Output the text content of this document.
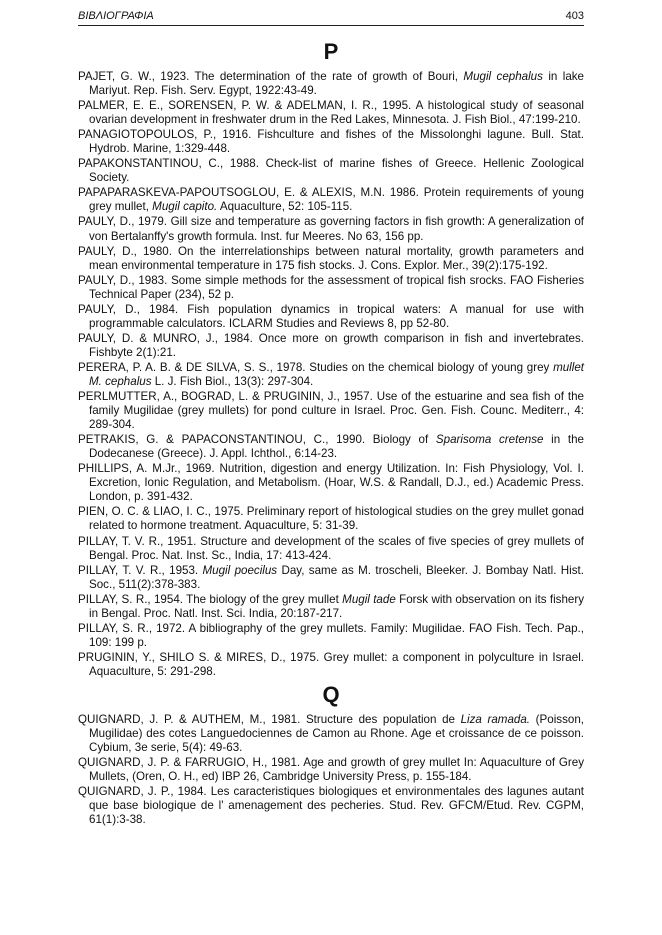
ΒΙΒΛΙΟΓΡΑΦΙΑ	403
P
PAJET, G. W., 1923. The determination of the rate of growth of Bouri, Mugil cephalus in lake Mariyut. Rep. Fish. Serv. Egypt, 1922:43-49.
PALMER, E. E., SORENSEN, P. W. & ADELMAN, I. R., 1995. A histological study of seasonal ovarian development in freshwater drum in the Red Lakes, Minnesota. J. Fish Biol., 47:199-210.
PANAGIOTOPOULOS, P., 1916. Fishculture and fishes of the Missolonghi lagune. Bull. Stat. Hydrob. Marine, 1:329-448.
PAPAKONSTANTINOU, C., 1988. Check-list of marine fishes of Greece. Hellenic Zoological Society.
PAPAPARASKEVA-PAPOUTSOGLOU, E. & ALEXIS, M.N. 1986. Protein requirements of young grey mullet, Mugil capito. Aquaculture, 52: 105-115.
PAULY, D., 1979. Gill size and temperature as governing factors in fish growth: A generalization of von Bertalanffy's growth formula. Inst. fur Meeres. No 63, 156 pp.
PAULY, D., 1980. On the interrelationships between natural mortality, growth parameters and mean environmental temperature in 175 fish stocks. J. Cons. Explor. Mer., 39(2):175-192.
PAULY, D., 1983. Some simple methods for the assessment of tropical fish srocks. FAO Fisheries Technical Paper (234), 52 p.
PAULY, D., 1984. Fish population dynamics in tropical waters: A manual for use with programmable calculators. ICLARM Studies and Reviews 8, pp 52-80.
PAULY, D. & MUNRO, J., 1984. Once more on growth comparison in fish and invertebrates. Fishbyte 2(1):21.
PERERA, P. A. B. & DE SILVA, S. S., 1978. Studies on the chemical biology of young grey mullet M. cephalus L. J. Fish Biol., 13(3): 297-304.
PERLMUTTER, A., BOGRAD, L. & PRUGININ, J., 1957. Use of the estuarine and sea fish of the family Mugilidae (grey mullets) for pond culture in Israel. Proc. Gen. Fish. Counc. Mediterr., 4: 289-304.
PETRAKIS, G. & PAPACONSTANTINOU, C., 1990. Biology of Sparisoma cretense in the Dodecanese (Greece). J. Appl. Ichthol., 6:14-23.
PHILLIPS, A. M.Jr., 1969. Nutrition, digestion and energy Utilization. In: Fish Physiology, Vol. I. Excretion, Ionic Regulation, and Metabolism. (Hoar, W.S. & Randall, D.J., ed.) Academic Press. London, p. 391-432.
PIEN, O. C. & LIAO, I. C., 1975. Preliminary report of histological studies on the grey mullet gonad related to hormone treatment. Aquaculture, 5: 31-39.
PILLAY, T. V. R., 1951. Structure and development of the scales of five species of grey mullets of Bengal. Proc. Nat. Inst. Sc., India, 17: 413-424.
PILLAY, T. V. R., 1953. Mugil poecilus Day, same as M. troscheli, Bleeker. J. Bombay Natl. Hist. Soc., 511(2):378-383.
PILLAY, S. R., 1954. The biology of the grey mullet Mugil tade Forsk with observation on its fishery in Bengal. Proc. Natl. Inst. Sci. India, 20:187-217.
PILLAY, S. R., 1972. A bibliography of the grey mullets. Family: Mugilidae. FAO Fish. Tech. Pap., 109: 199 p.
PRUGININ, Y., SHILO S. & MIRES, D., 1975. Grey mullet: a component in polyculture in Israel. Aquaculture, 5: 291-298.
Q
QUIGNARD, J. P. & AUTHEM, M., 1981. Structure des population de Liza ramada. (Poisson, Mugilidae) des cotes Languedociennes de Camon au Rhone. Age et croissance de ce poisson. Cybium, 3e serie, 5(4): 49-63.
QUIGNARD, J. P. & FARRUGIO, H., 1981. Age and growth of grey mullet In: Aquaculture of Grey Mullets, (Oren, O. H., ed) IBP 26, Cambridge University Press, p. 155-184.
QUIGNARD, J. P., 1984. Les caracteristiques biologiques et environmentales des lagunes autant que base biologique de l' amenagement des pecheries. Stud. Rev. GFCM/Etud. Rev. CGPM, 61(1):3-38.
